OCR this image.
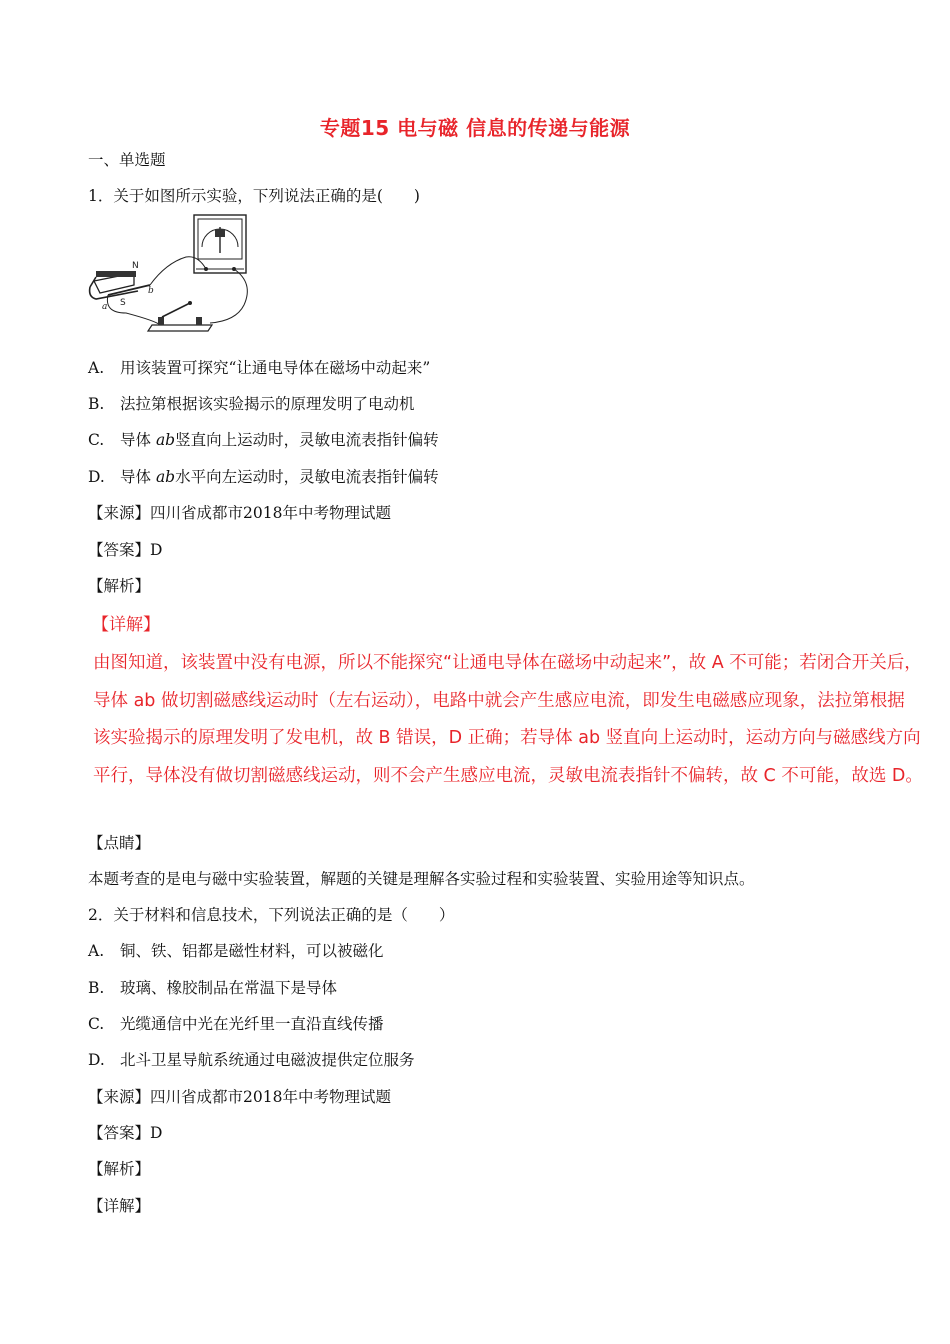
专题15 电与磁 信息的传递与能源
一、单选题
1．关于如图所示实验，下列说法正确的是(　　)
N
S
a
b
A. 用该装置可探究“让通电导体在磁场中动起来”
B. 法拉第根据该实验揭示的原理发明了电动机
C. 导体 ab竖直向上运动时，灵敏电流表指针偏转
D. 导体 ab水平向左运动时，灵敏电流表指针偏转
【来源】四川省成都市2018年中考物理试题
【答案】D
【解析】
【详解】
由图知道，该装置中没有电源，所以不能探究“让通电导体在磁场中动起来”，故 A 不可能；若闭合开关后，
导体 ab 做切割磁感线运动时（左右运动），电路中就会产生感应电流，即发生电磁感应现象，法拉第根据
该实验揭示的原理发明了发电机，故 B 错误，D 正确；若导体 ab 竖直向上运动时，运动方向与磁感线方向
平行，导体没有做切割磁感线运动，则不会产生感应电流，灵敏电流表指针不偏转，故 C 不可能，故选 D。
【点睛】
本题考查的是电与磁中实验装置，解题的关键是理解各实验过程和实验装置、实验用途等知识点。
2．关于材料和信息技术，下列说法正确的是（　　）
A. 铜、铁、铝都是磁性材料，可以被磁化
B. 玻璃、橡胶制品在常温下是导体
C. 光缆通信中光在光纤里一直沿直线传播
D. 北斗卫星导航系统通过电磁波提供定位服务
【来源】四川省成都市2018年中考物理试题
【答案】D
【解析】
【详解】
